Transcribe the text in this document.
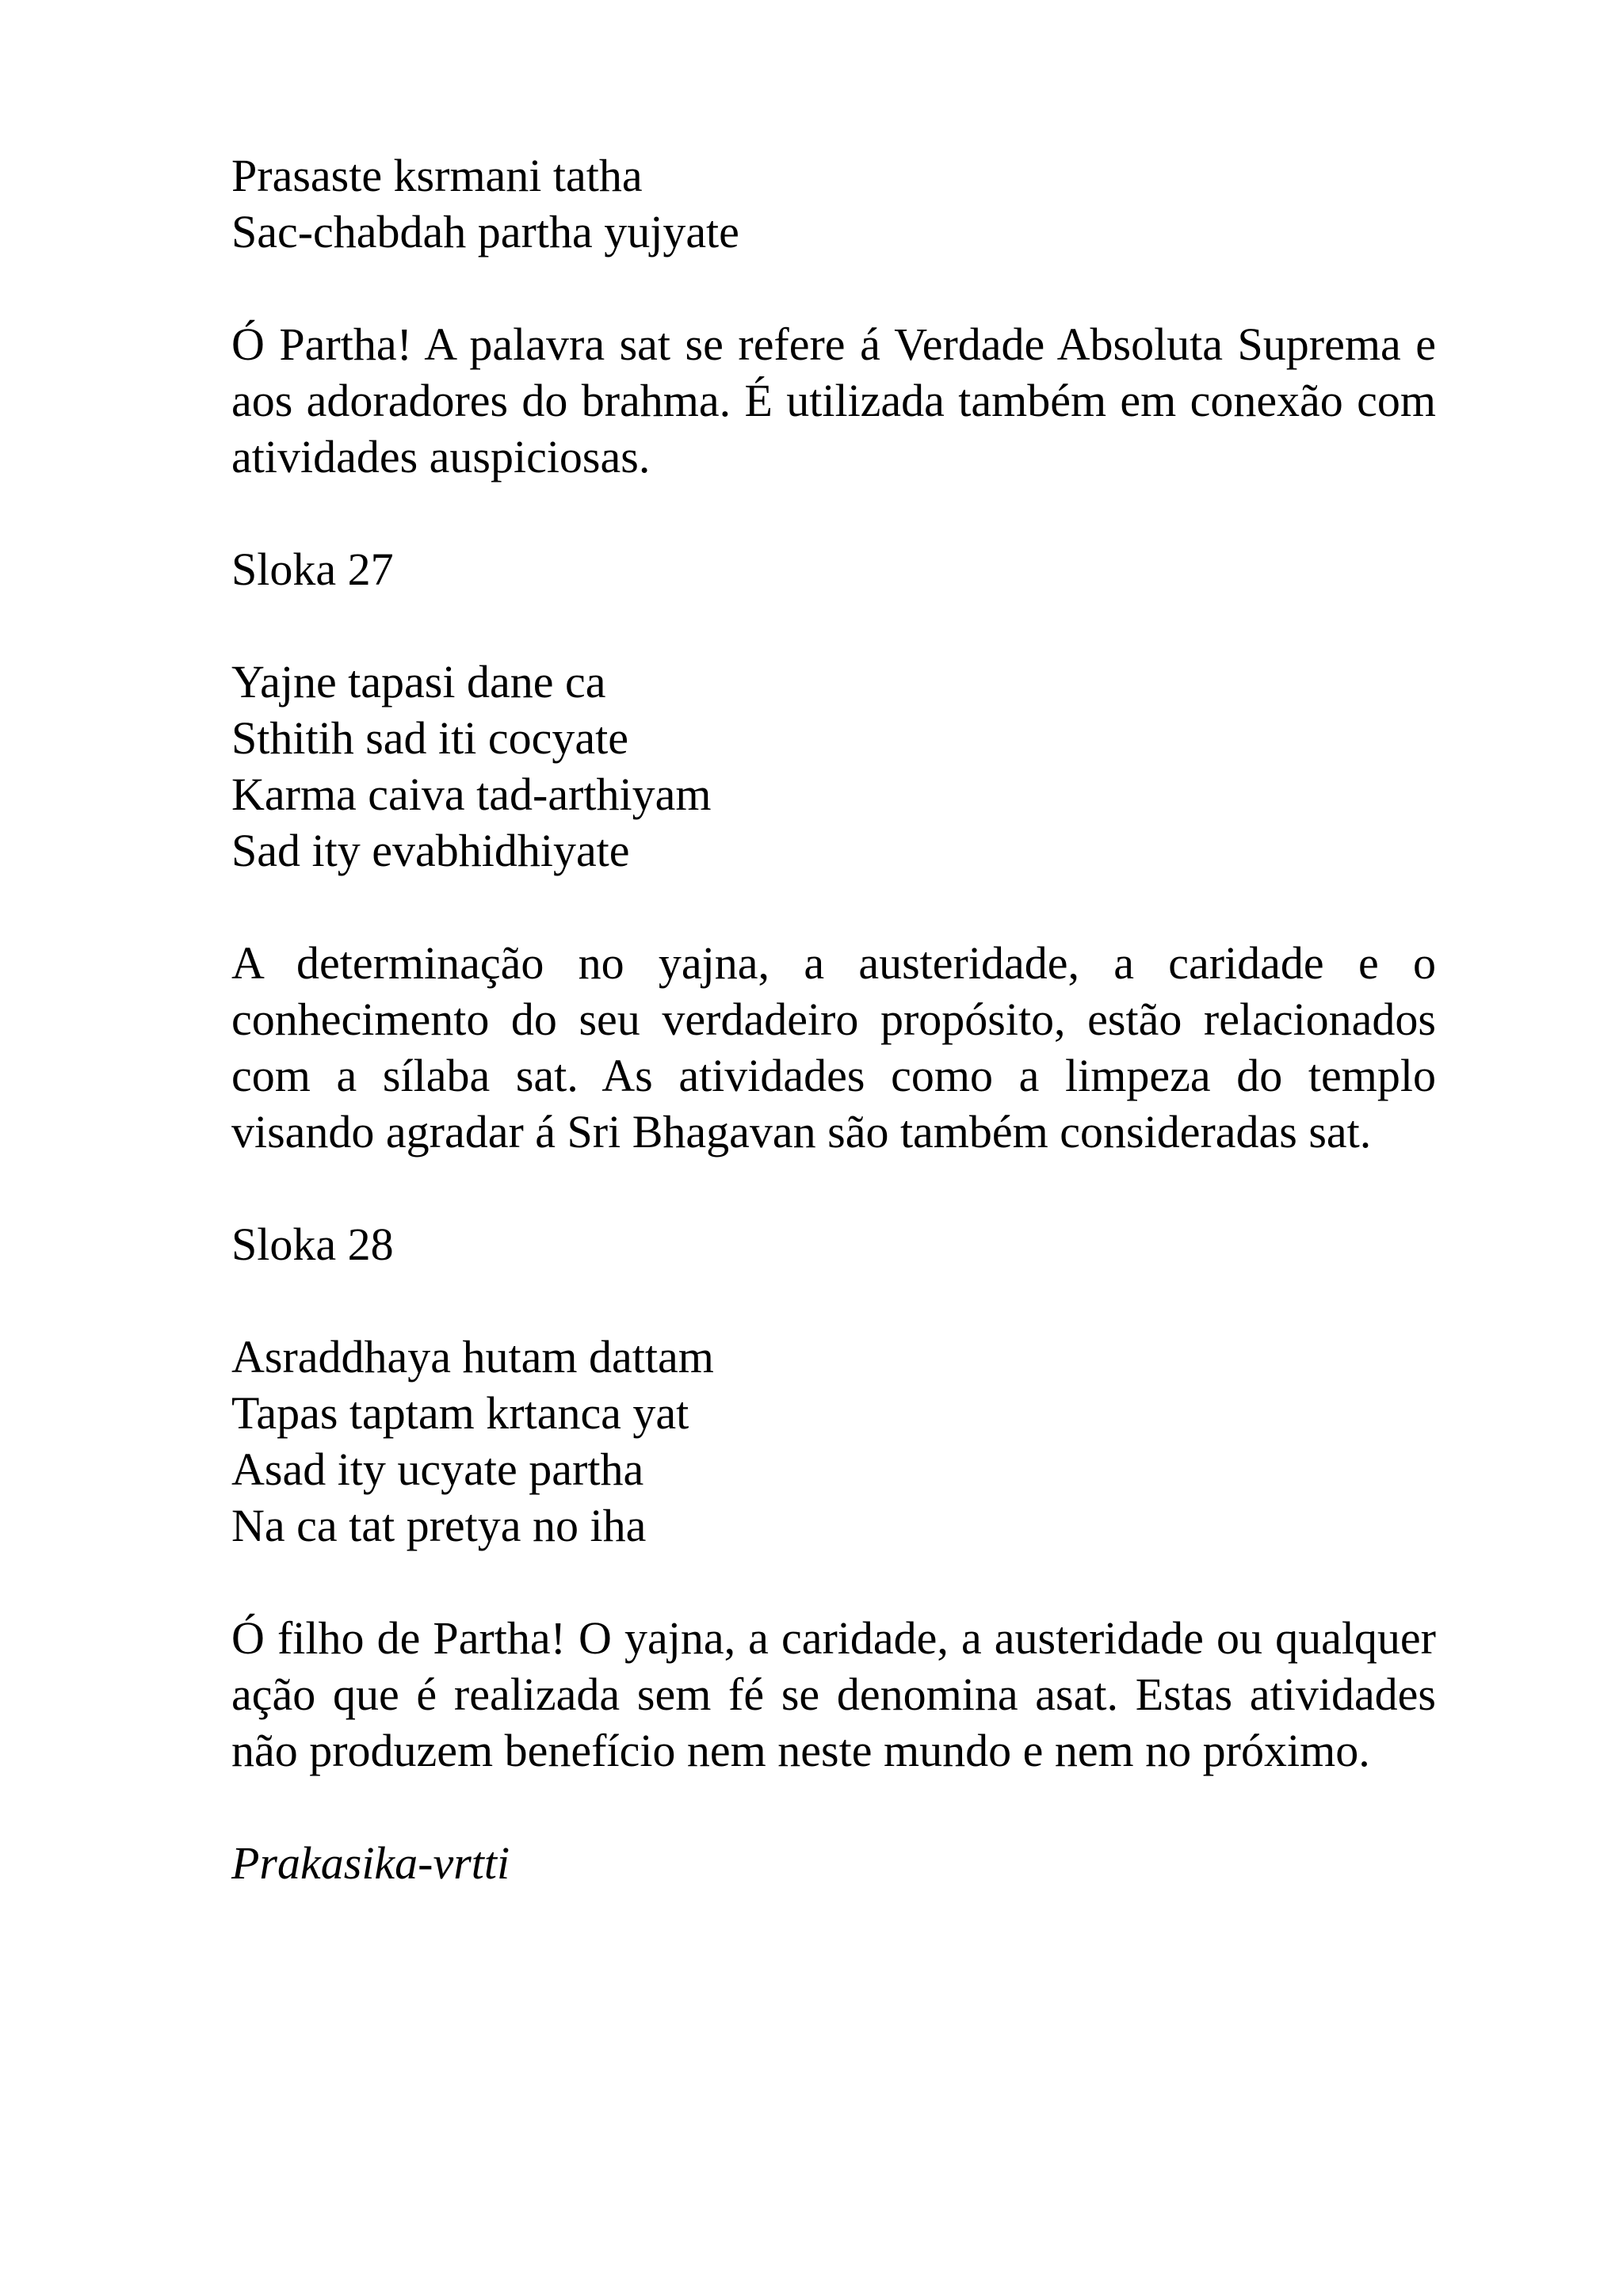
Prasaste ksrmani tatha
Sac-chabdah partha yujyate

Ó Partha! A palavra sat se refere á Verdade Absoluta Suprema e aos adoradores do brahma. É utilizada também em conexão com atividades auspiciosas.

Sloka 27
Yajne tapasi dane ca
Sthitih sad iti cocyate
Karma caiva tad-arthiyam
Sad ity evabhidhiyate

A determinação no yajna, a austeridade, a caridade e o conhecimento do seu verdadeiro propósito, estão relacionados com a sílaba sat. As atividades como a limpeza do templo visando agradar á Sri Bhagavan são também consideradas sat.

Sloka 28
Asraddhaya hutam dattam
Tapas taptam krtanca yat
Asad ity ucyate partha
Na ca tat pretya no iha

Ó filho de Partha! O yajna, a caridade, a austeridade ou qualquer ação que é realizada sem fé se denomina asat. Estas atividades não produzem benefício nem neste mundo e nem no próximo.

Prakasika-vrtti
